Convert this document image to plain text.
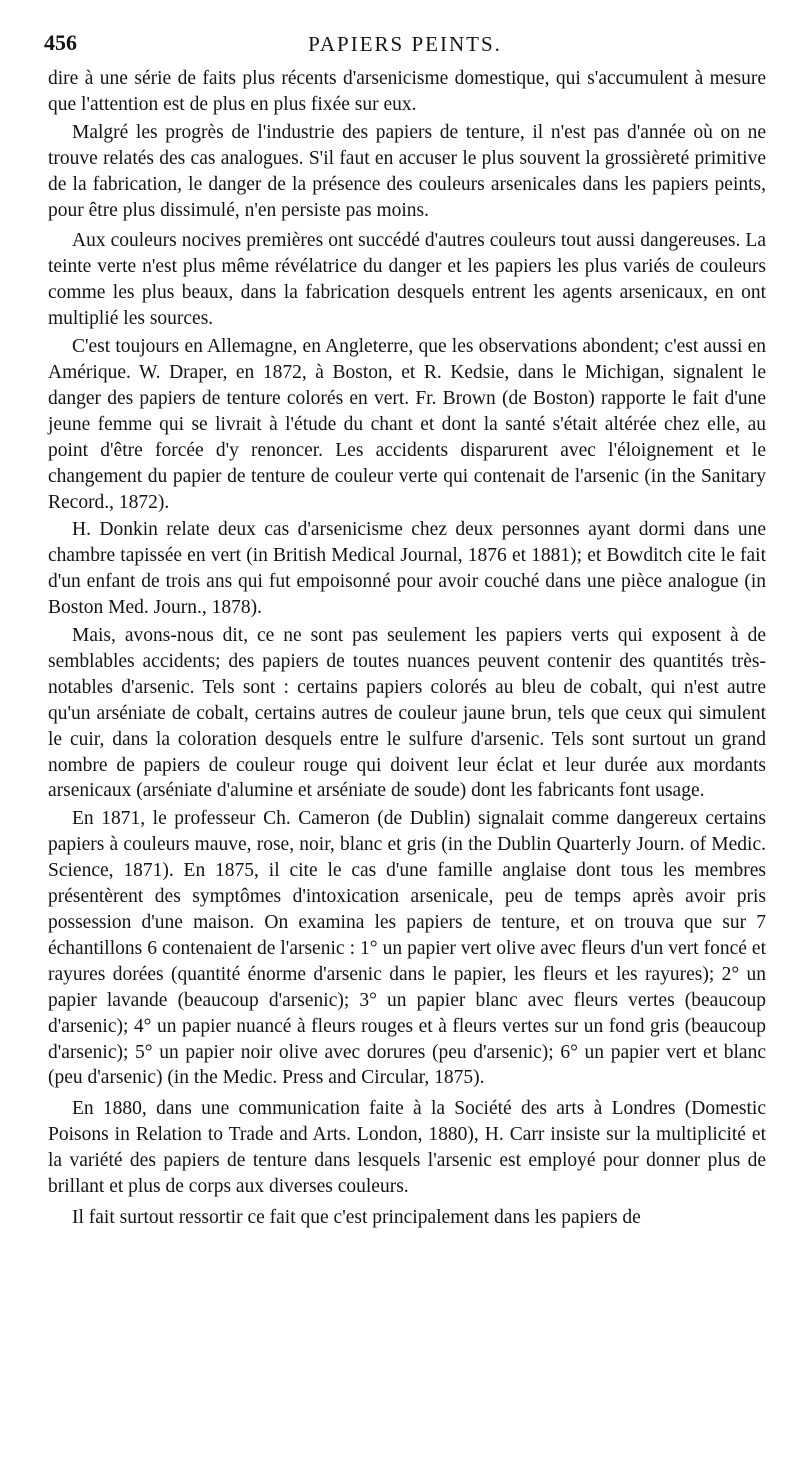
456	PAPIERS PEINTS.

dire à une série de faits plus récents d'arsenicisme domestique, qui s'accumulent à mesure que l'attention est de plus en plus fixée sur eux.

Malgré les progrès de l'industrie des papiers de tenture, il n'est pas d'année où on ne trouve relatés des cas analogues. S'il faut en accuser le plus souvent la grossièreté primitive de la fabrication, le danger de la présence des couleurs arsenicales dans les papiers peints, pour être plus dissimulé, n'en persiste pas moins.

Aux couleurs nocives premières ont succédé d'autres couleurs tout aussi dangereuses. La teinte verte n'est plus même révélatrice du danger et les papiers les plus variés de couleurs comme les plus beaux, dans la fabrication desquels entrent les agents arsenicaux, en ont multiplié les sources.

C'est toujours en Allemagne, en Angleterre, que les observations abondent; c'est aussi en Amérique. W. Draper, en 1872, à Boston, et R. Kedsie, dans le Michigan, signalent le danger des papiers de tenture colorés en vert. Fr. Brown (de Boston) rapporte le fait d'une jeune femme qui se livrait à l'étude du chant et dont la santé s'était altérée chez elle, au point d'être forcée d'y renoncer. Les accidents disparurent avec l'éloignement et le changement du papier de tenture de couleur verte qui contenait de l'arsenic (in the Sanitary Record., 1872).

H. Donkin relate deux cas d'arsenicisme chez deux personnes ayant dormi dans une chambre tapissée en vert (in British Medical Journal, 1876 et 1881); et Bowditch cite le fait d'un enfant de trois ans qui fut empoisonné pour avoir couché dans une pièce analogue (in Boston Med. Journ., 1878).

Mais, avons-nous dit, ce ne sont pas seulement les papiers verts qui exposent à de semblables accidents; des papiers de toutes nuances peuvent contenir des quantités très-notables d'arsenic. Tels sont : certains papiers colorés au bleu de cobalt, qui n'est autre qu'un arséniate de cobalt, certains autres de couleur jaune brun, tels que ceux qui simulent le cuir, dans la coloration desquels entre le sulfure d'arsenic. Tels sont surtout un grand nombre de papiers de couleur rouge qui doivent leur éclat et leur durée aux mordants arsenicaux (arséniate d'alumine et arséniate de soude) dont les fabricants font usage.

En 1871, le professeur Ch. Cameron (de Dublin) signalait comme dangereux certains papiers à couleurs mauve, rose, noir, blanc et gris (in the Dublin Quarterly Journ. of Medic. Science, 1871). En 1875, il cite le cas d'une famille anglaise dont tous les membres présentèrent des symptômes d'intoxication arsenicale, peu de temps après avoir pris possession d'une maison. On examina les papiers de tenture, et on trouva que sur 7 échantillons 6 contenaient de l'arsenic : 1° un papier vert olive avec fleurs d'un vert foncé et rayures dorées (quantité énorme d'arsenic dans le papier, les fleurs et les rayures); 2° un papier lavande (beaucoup d'arsenic); 3° un papier blanc avec fleurs vertes (beaucoup d'arsenic); 4° un papier nuancé à fleurs rouges et à fleurs vertes sur un fond gris (beaucoup d'arsenic); 5° un papier noir olive avec dorures (peu d'arsenic); 6° un papier vert et blanc (peu d'arsenic) (in the Medic. Press and Circular, 1875).

En 1880, dans une communication faite à la Société des arts à Londres (Domestic Poisons in Relation to Trade and Arts. London, 1880), H. Carr insiste sur la multiplicité et la variété des papiers de tenture dans lesquels l'arsenic est employé pour donner plus de brillant et plus de corps aux diverses couleurs.

Il fait surtout ressortir ce fait que c'est principalement dans les papiers de
